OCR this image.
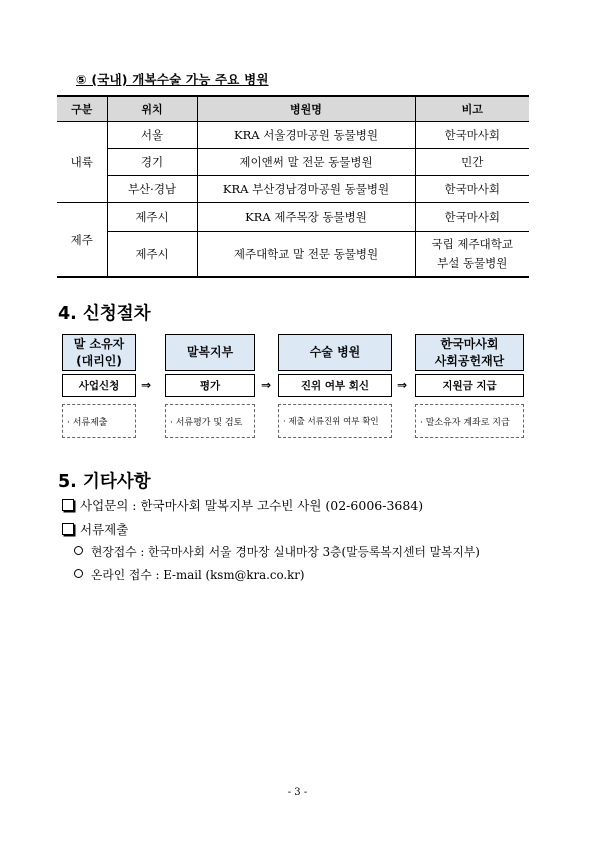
⑤ (국내) 개복수술 가능 주요 병원
구분	위치	병원명	비고
내륙	서울	KRA 서울경마공원 동물병원	한국마사회
	경기	제이앤써 말 전문 동물병원	민간
	부산·경남	KRA 부산경남경마공원 동물병원	한국마사회
제주	제주시	KRA 제주목장 동물병원	한국마사회
	제주시	제주대학교 말 전문 동물병원	국립 제주대학교
부설 동물병원
4. 신청절차
말 소유자
(대리인)
사업신청
· 서류제출
⇒
말복지부
평가
· 서류평가 및 검토
⇒
수술 병원
진위 여부 회신
· 제출 서류진위 여부 확인
⇒
한국마사회
사회공헌재단
지원금 지급
· 말소유자 계좌로 지급
5. 기타사항
사업문의 : 한국마사회 말복지부 고수빈 사원 (02-6006-3684)
서류제출
현장접수 : 한국마사회 서울 경마장 실내마장 3층(말등록복지센터 말복지부)
온라인 접수 : E-mail (ksm@kra.co.kr)
- 3 -
